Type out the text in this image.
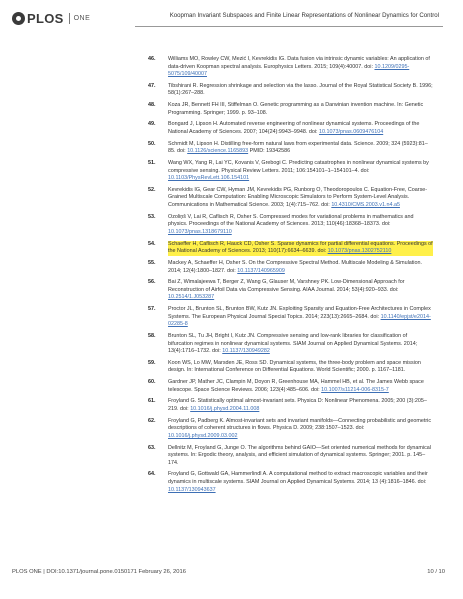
PLOS ONE	Koopman Invariant Subspaces and Finite Linear Representations of Nonlinear Dynamics for Control
46. Williams MO, Rowley CW, Mezić I, Kevrekidis IG. Data fusion via intrinsic dynamic variables: An application of data-driven Koopman spectral analysis. Europhysics Letters. 2015; 109(4):40007. doi: 10.1209/0295-5075/109/40007
47. Tibshirani R. Regression shrinkage and selection via the lasso. Journal of the Royal Statistical Society B. 1996; 58(1):267–288.
48. Koza JR, Bennett FH III, Stiffelman O. Genetic programming as a Darwinian invention machine. In: Genetic Programming. Springer; 1999. p. 93–108.
49. Bongard J, Lipson H. Automated reverse engineering of nonlinear dynamical systems. Proceedings of the National Academy of Sciences. 2007; 104(24):9943–9948. doi: 10.1073/pnas.0609476104
50. Schmidt M, Lipson H. Distilling free-form natural laws from experimental data. Science. 2009; 324 (5923):81–85. doi: 10.1126/science.1165893 PMID: 19342586
51. Wang WX, Yang R, Lai YC, Kovanis V, Grebogi C. Predicting catastrophes in nonlinear dynamical systems by compressive sensing. Physical Review Letters. 2011; 106:154101–1–154101–4. doi: 10.1103/PhysRevLett.106.154101
52. Kevrekidis IG, Gear CW, Hyman JM, Kevrekidis PG, Runborg O, Theodoropoulos C. Equation-Free, Coarse-Grained Multiscale Computation: Enabling Microscopic Simulators to Perform System-Level Analysis. Communications in Mathematical Science. 2003; 1(4):715–762. doi: 10.4310/CMS.2003.v1.n4.a5
53. Ozoliņš V, Lai R, Caflisch R, Osher S. Compressed modes for variational problems in mathematics and physics. Proceedings of the National Academy of Sciences. 2013; 110(46):18368–18373. doi: 10.1073/pnas.1318679110
54. Schaeffer H, Caflisch R, Hauck CD, Osher S. Sparse dynamics for partial differential equations. Proceedings of the National Academy of Sciences. 2013; 110(17):6634–6639. doi: 10.1073/pnas.1302752110
55. Mackey A, Schaeffer H, Osher S. On the Compressive Spectral Method. Multiscale Modeling & Simulation. 2014; 12(4):1800–1827. doi: 10.1137/140965909
56. Bai Z, Wimalajeewa T, Berger Z, Wang G, Glauser M, Varshney PK. Low-Dimensional Approach for Reconstruction of Airfoil Data via Compressive Sensing. AIAA Journal. 2014; 53(4):920–933. doi: 10.2514/1.J053287
57. Proctor JL, Brunton SL, Brunton BW, Kutz JN. Exploiting Sparsity and Equation-Free Architectures in Complex Systems. The European Physical Journal Special Topics. 2014; 223(13):2665–2684. doi: 10.1140/epjst/e2014-02285-8
58. Brunton SL, Tu JH, Bright I, Kutz JN. Compressive sensing and low-rank libraries for classification of bifurcation regimes in nonlinear dynamical systems. SIAM Journal on Applied Dynamical Systems. 2014; 13(4):1716–1732. doi: 10.1137/130949282
59. Koon WS, Lo MW, Marsden JE, Ross SD. Dynamical systems, the three-body problem and space mission design. In: International Conference on Differential Equations. World Scientific; 2000. p. 1167–1181.
60. Gardner JP, Mather JC, Clampin M, Doyon R, Greenhouse MA, Hammel HB, et al. The James Webb space telescope. Space Science Reviews. 2006; 123(4):485–606. doi: 10.1007/s11214-006-8315-7
61. Froyland G. Statistically optimal almost-invariant sets. Physica D: Nonlinear Phenomena. 2005; 200 (3):205–219. doi: 10.1016/j.physd.2004.11.008
62. Froyland G, Padberg K. Almost-invariant sets and invariant manifolds—Connecting probabilistic and geometric descriptions of coherent structures in flows. Physica D. 2009; 238:1507–1523. doi: 10.1016/j.physd.2009.03.002
63. Dellnitz M, Froyland G, Junge O. The algorithms behind GAIO—Set oriented numerical methods for dynamical systems. In: Ergodic theory, analysis, and efficient simulation of dynamical systems. Springer; 2001. p. 145–174.
64. Froyland G, Gottwald GA, Hammerlindl A. A computational method to extract macroscopic variables and their dynamics in multiscale systems. SIAM Journal on Applied Dynamical Systems. 2014; 13 (4):1816–1846. doi: 10.1137/130943637
PLOS ONE | DOI:10.1371/journal.pone.0150171 February 26, 2016	10 / 10
